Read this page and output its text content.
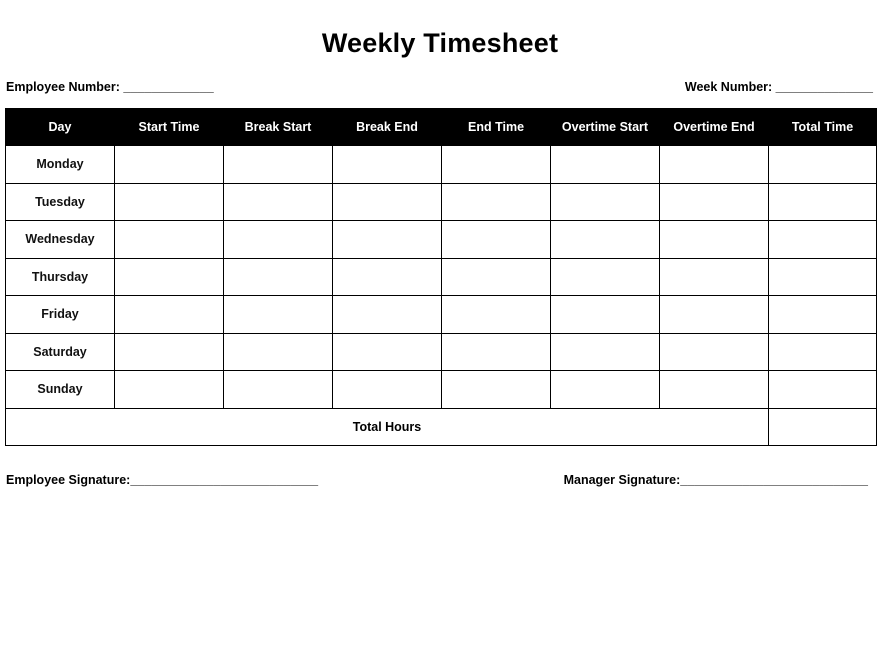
Weekly Timesheet
Employee Number: _____________	Week Number: ______________
Day	Start Time	Break Start	Break End	End Time	Overtime Start	Overtime End	Total Time
Monday							
Tuesday							
Wednesday							
Thursday							
Friday							
Saturday							
Sunday							
Total Hours							
Employee Signature:___________________________	Manager Signature:___________________________
